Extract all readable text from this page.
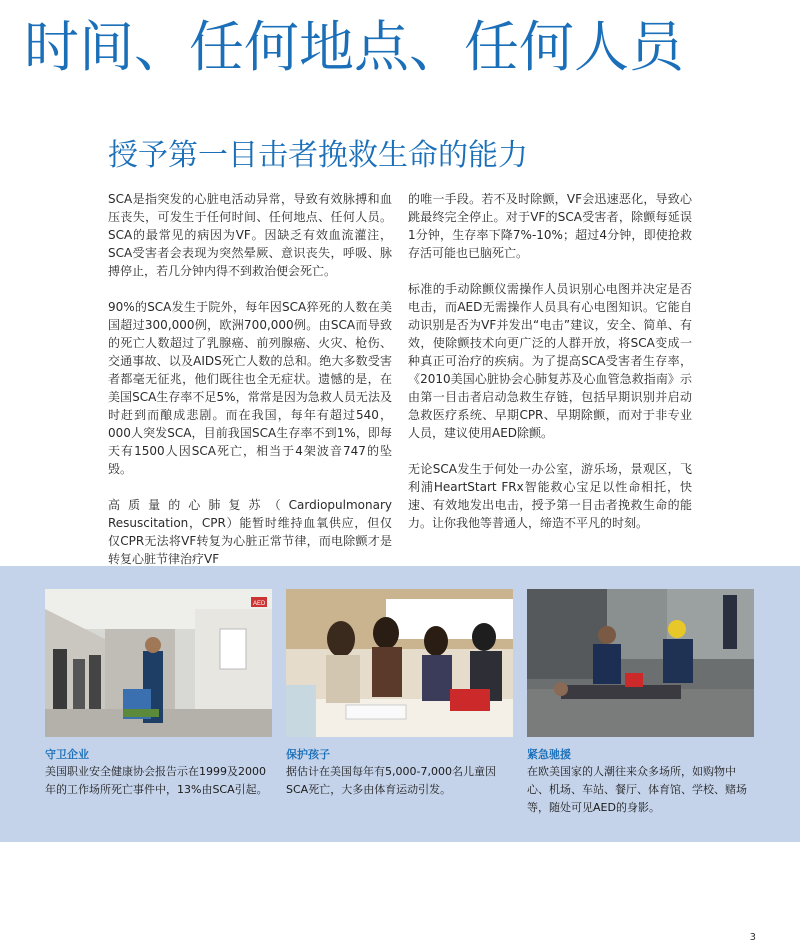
时间、任何地点、任何人员
授予第一目击者挽救生命的能力

SCA是指突发的心脏电活动异常，导致有效脉搏和血压丧失，可发生于任何时间、任何地点、任何人员。SCA的最常见的病因为VF。因缺乏有效血流灌注，SCA受害者会表现为突然晕厥、意识丧失，呼吸、脉搏停止，若几分钟内得不到救治便会死亡。

90%的SCA发生于院外，每年因SCA猝死的人数在美国超过300,000例，欧洲700,000例。由SCA而导致的死亡人数超过了乳腺癌、前列腺癌、火灾、枪伤、交通事故、以及AIDS死亡人数的总和。绝大多数受害者都毫无征兆，他们既往也全无症状。遗憾的是，在美国SCA生存率不足5%，常常是因为急救人员无法及时赶到而酿成悲剧。而在我国，每年有超过540，000人突发SCA，目前我国SCA生存率不到1%，即每天有1500人因SCA死亡，相当于4架波音747的坠毁。

高质量的心肺复苏（Cardiopulmonary Resuscitation，CPR）能暂时维持血氧供应，但仅仅CPR无法将VF转复为心脏正常节律，而电除颤才是转复心脏节律治疗VF

的唯一手段。若不及时除颤，VF会迅速恶化，导致心跳最终完全停止。对于VF的SCA受害者，除颤每延误1分钟，生存率下降7%-10%；超过4分钟，即使抢救存活可能也已脑死亡。

标准的手动除颤仪需操作人员识别心电图并决定是否电击，而AED无需操作人员具有心电图知识。它能自动识别是否为VF并发出“电击”建议，安全、简单、有效，使除颤技术向更广泛的人群开放，将SCA变成一种真正可治疗的疾病。为了提高SCA受害者生存率，《2010美国心脏协会心肺复苏及心血管急救指南》示由第一目击者启动急救生存链，包括早期识别并启动急救医疗系统、早期CPR、早期除颤，而对于非专业人员，建议使用AED除颤。

无论SCA发生于何处一办公室，游乐场，景观区，飞利浦HeartStart FRx智能救心宝足以性命相托，快速、有效地发出电击，授予第一目击者挽救生命的能力。让你我他等普通人，缔造不平凡的时刻。

AED
守卫企业
美国职业安全健康协会报告示在1999及2000年的工作场所死亡事件中，13%由SCA引起。
保护孩子
据估计在美国每年有5,000-7,000名儿童因SCA死亡，大多由体育运动引发。
紧急驰援
在欧美国家的人潮往来众多场所，如购物中心、机场、车站、餐厅、体育馆、学校、赌场等，随处可见AED的身影。
3
